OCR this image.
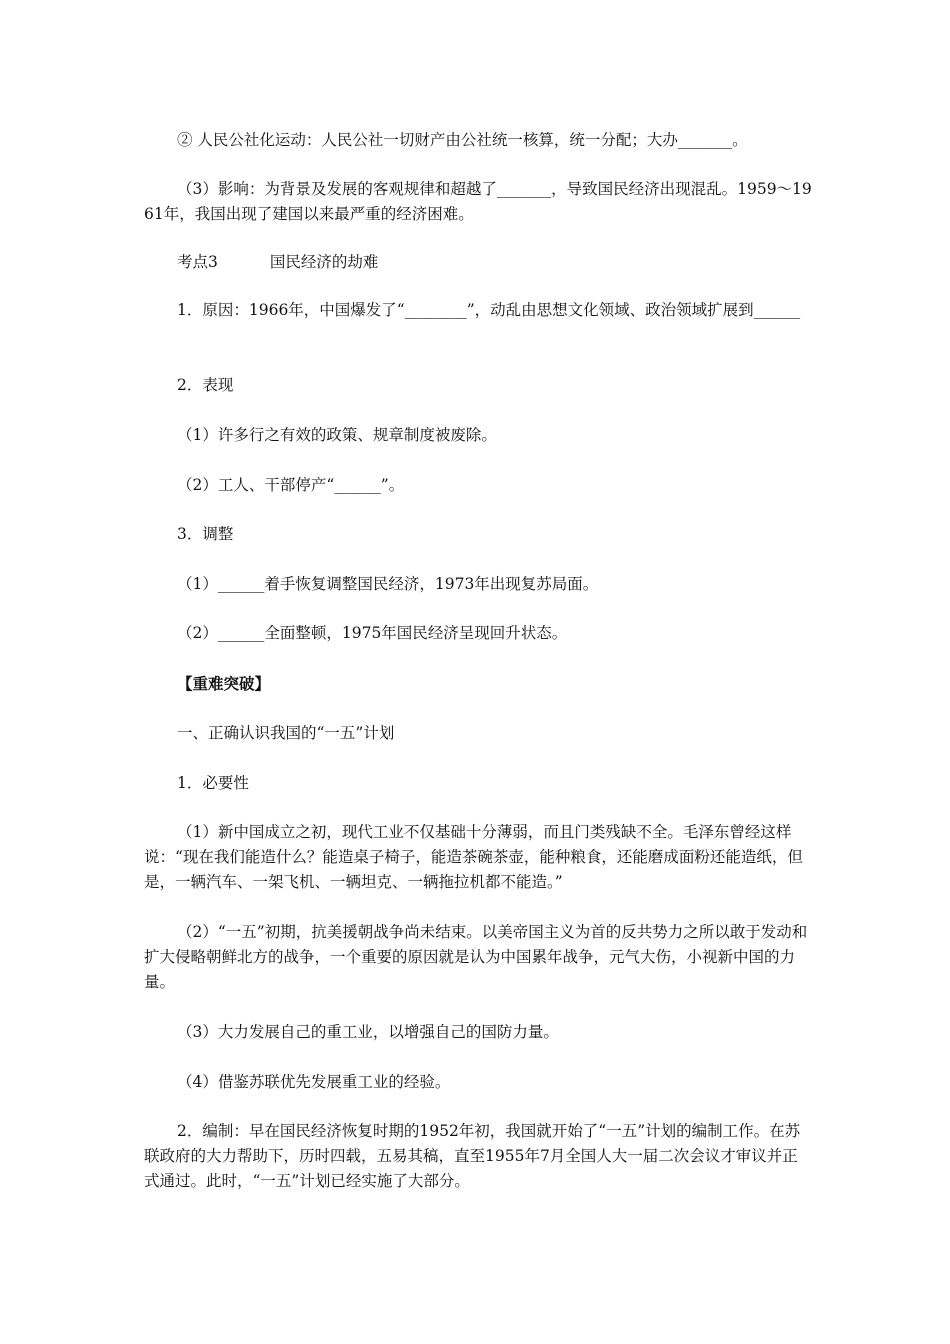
② 人民公社化运动：人民公社一切财产由公社统一核算，统一分配；大办_______。

（3）影响：为背景及发展的客观规律和超越了_______，导致国民经济出现混乱。1959～1961年，我国出现了建国以来最严重的经济困难。

考点3	国民经济的劫难

1．原因：1966年，中国爆发了“________”，动乱由思想文化领域、政治领域扩展到______

2．表现

（1）许多行之有效的政策、规章制度被废除。

（2）工人、干部停产“______”。

3．调整

（1）______着手恢复调整国民经济，1973年出现复苏局面。

（2）______全面整顿，1975年国民经济呈现回升状态。

【重难突破】

一、正确认识我国的“一五”计划

1．必要性

（1）新中国成立之初，现代工业不仅基础十分薄弱，而且门类残缺不全。毛泽东曾经这样说：“现在我们能造什么？能造桌子椅子，能造茶碗茶壶，能种粮食，还能磨成面粉还能造纸，但是，一辆汽车、一架飞机、一辆坦克、一辆拖拉机都不能造。”

（2）“一五”初期，抗美援朝战争尚未结束。以美帝国主义为首的反共势力之所以敢于发动和扩大侵略朝鲜北方的战争，一个重要的原因就是认为中国累年战争，元气大伤，小视新中国的力量。

（3）大力发展自己的重工业，以增强自己的国防力量。

（4）借鉴苏联优先发展重工业的经验。

2．编制：早在国民经济恢复时期的1952年初，我国就开始了“一五”计划的编制工作。在苏联政府的大力帮助下，历时四载，五易其稿，直至1955年7月全国人大一届二次会议才审议并正式通过。此时，“一五”计划已经实施了大部分。
